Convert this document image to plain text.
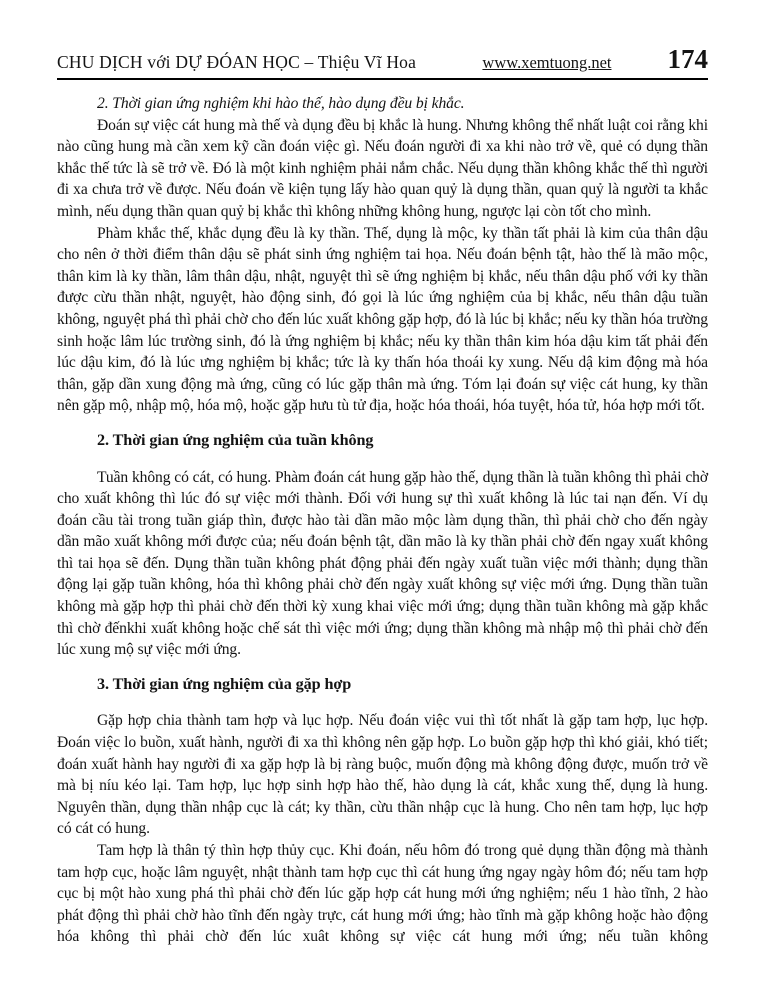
CHU DỊCH với DỰ ĐÓAN HỌC – Thiệu Vĩ Hoa	www.xemtuong.net 174

2. Thời gian ứng nghiệm khi hào thế, hào dụng đều bị khắc.

Đoán sự việc cát hung mà thế và dụng đều bị khắc là hung. Nhưng không thể nhất luật coi rằng khi nào cũng hung mà cần xem kỹ cần đoán việc gì. Nếu đoán người đi xa khi nào trở về, quẻ có dụng thần khắc thế tức là sẽ trở về. Đó là một kinh nghiệm phải nắm chắc. Nếu dụng thần không khắc thế thì người đi xa chưa trở về được. Nếu đoán về kiện tụng lấy hào quan quỷ là dụng thần, quan quỷ là người ta khắc mình, nếu dụng thần quan quỷ bị khắc thì không những không hung, ngược lại còn tốt cho mình.

Phàm khắc thế, khắc dụng đều là ky thần. Thế, dụng là mộc, ky thần tất phải là kim của thân dậu cho nên ở thời điểm thân dậu sẽ phát sinh ứng nghiệm tai họa. Nếu đoán bệnh tật, hào thế là mão mộc, thân kim là ky thần, lâm thân dậu, nhật, nguyệt thì sẽ ứng nghiệm bị khắc, nếu thân dậu phố với ky thần được cừu thần nhật, nguyệt, hào động sinh, đó gọi là lúc ứng nghiệm của bị khắc, nếu thân dậu tuần không, nguyệt phá thì phải chờ cho đến lúc xuất không gặp hợp, đó là lúc bị khắc; nếu ky thần hóa trường sinh hoặc lâm lúc trường sinh, đó là ứng nghiệm bị khắc; nếu ky thần thân kim hóa dậu kim tất phải đến lúc dậu kim, đó là lúc ưng nghiệm bị khắc; tức là ky thấn hóa thoái ky xung. Nếu dậ kim động mà hóa thân, gặp dần xung động mà ứng, cũng có lúc gặp thân mà ứng. Tóm lại đoán sự việc cát hung, ky thần nên gặp mộ, nhập mộ, hóa mộ, hoặc gặp hưu tù tử địa, hoặc hóa thoái, hóa tuyệt, hóa tử, hóa hợp mới tốt.

2. Thời gian ứng nghiệm của tuần không

Tuần không có cát, có hung. Phàm đoán cát hung gặp hào thế, dụng thần là tuần không thì phải chờ cho xuất không thì lúc đó sự việc mới thành. Đối với hung sự thì xuất không là lúc tai nạn đến. Ví dụ đoán cầu tài trong tuần giáp thìn, được hào tài dần mão mộc làm dụng thần, thì phải chờ cho đến ngày dần mão xuất không mới được của; nếu đoán bệnh tật, dần mão là ky thần phải chờ đến ngay xuất không thì tai họa sẽ đến. Dụng thần tuần không phát động phải đến ngày xuất tuần việc mới thành; dụng thần động lại gặp tuần không, hóa thì không phải chờ đến ngày xuất không sự việc mới ứng. Dụng thần tuần không mà gặp hợp thì phải chờ đến thời kỳ xung khai việc mới ứng; dụng thần tuần không mà gặp khắc thì chờ đếnkhi xuất không hoặc chế sát thì việc mới ứng; dụng thần không mà nhập mộ thì phải chờ đến lúc xung mộ sự việc mới ứng.

3. Thời gian ứng nghiệm của gặp hợp

Gặp hợp chia thành tam hợp và lục hợp. Nếu đoán việc vui thì tốt nhất là gặp tam hợp, lục hợp. Đoán việc lo buồn, xuất hành, người đi xa thì không nên gặp hợp. Lo buồn gặp hợp thì khó giải, khó tiết; đoán xuất hành hay người đi xa gặp hợp là bị ràng buộc, muốn động mà không động được, muốn trở về mà bị níu kéo lại. Tam hợp, lục hợp sinh hợp hào thế, hào dụng là cát, khắc xung thế, dụng là hung. Nguyên thần, dụng thần nhập cục là cát; ky thần, cừu thần nhập cục là hung. Cho nên tam hợp, lục hợp có cát có hung.

Tam hợp là thân tý thìn hợp thủy cục. Khi đoán, nếu hôm đó trong quẻ dụng thần động mà thành tam hợp cục, hoặc lâm nguyệt, nhật thành tam hợp cục thì cát hung ứng ngay ngày hôm đó; nếu tam hợp cục bị một hào xung phá thì phải chờ đến lúc gặp hợp cát hung mới ứng nghiệm; nếu 1 hào tĩnh, 2 hào phát động thì phải chờ hào tĩnh đến ngày trực, cát hung mới ứng; hào tĩnh mà gặp không hoặc hào động hóa không thì phải chờ đến lúc xuât không sự việc cát hung mới ứng; nếu tuần không
